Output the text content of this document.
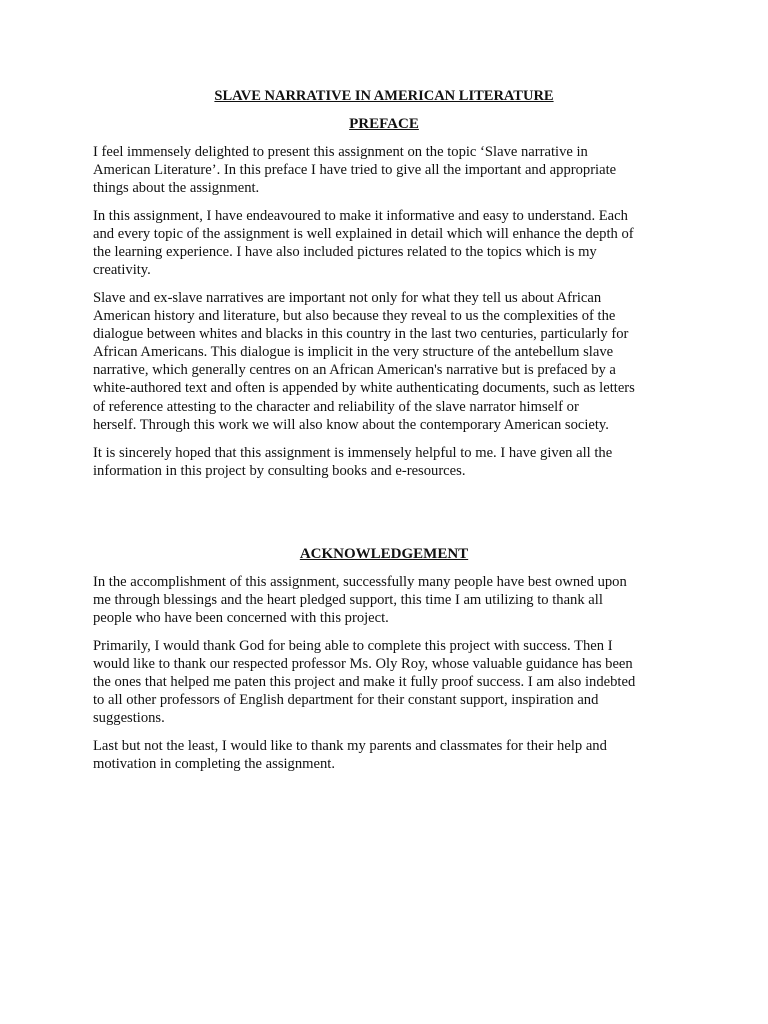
SLAVE NARRATIVE IN AMERICAN LITERATURE
PREFACE

I feel immensely delighted to present this assignment on the topic ‘Slave narrative in
American Literature’. In this preface I have tried to give all the important and appropriate
things about the assignment.

In this assignment, I have endeavoured to make it informative and easy to understand. Each
and every topic of the assignment is well explained in detail which will enhance the depth of
the learning experience. I have also included pictures related to the topics which is my
creativity.

Slave and ex-slave narratives are important not only for what they tell us about African
American history and literature, but also because they reveal to us the complexities of the
dialogue between whites and blacks in this country in the last two centuries, particularly for
African Americans. This dialogue is implicit in the very structure of the antebellum slave
narrative, which generally centres on an African American's narrative but is prefaced by a
white-authored text and often is appended by white authenticating documents, such as letters
of reference attesting to the character and reliability of the slave narrator himself or
herself. Through this work we will also know about the contemporary American society.

It is sincerely hoped that this assignment is immensely helpful to me. I have given all the
information in this project by consulting books and e-resources.

ACKNOWLEDGEMENT

In the accomplishment of this assignment, successfully many people have best owned upon
me through blessings and the heart pledged support, this time I am utilizing to thank all
people who have been concerned with this project.

Primarily, I would thank God for being able to complete this project with success. Then I
would like to thank our respected professor Ms. Oly Roy, whose valuable guidance has been
the ones that helped me paten this project and make it fully proof success. I am also indebted
to all other professors of English department for their constant support, inspiration and
suggestions.

Last but not the least, I would like to thank my parents and classmates for their help and
motivation in completing the assignment.
